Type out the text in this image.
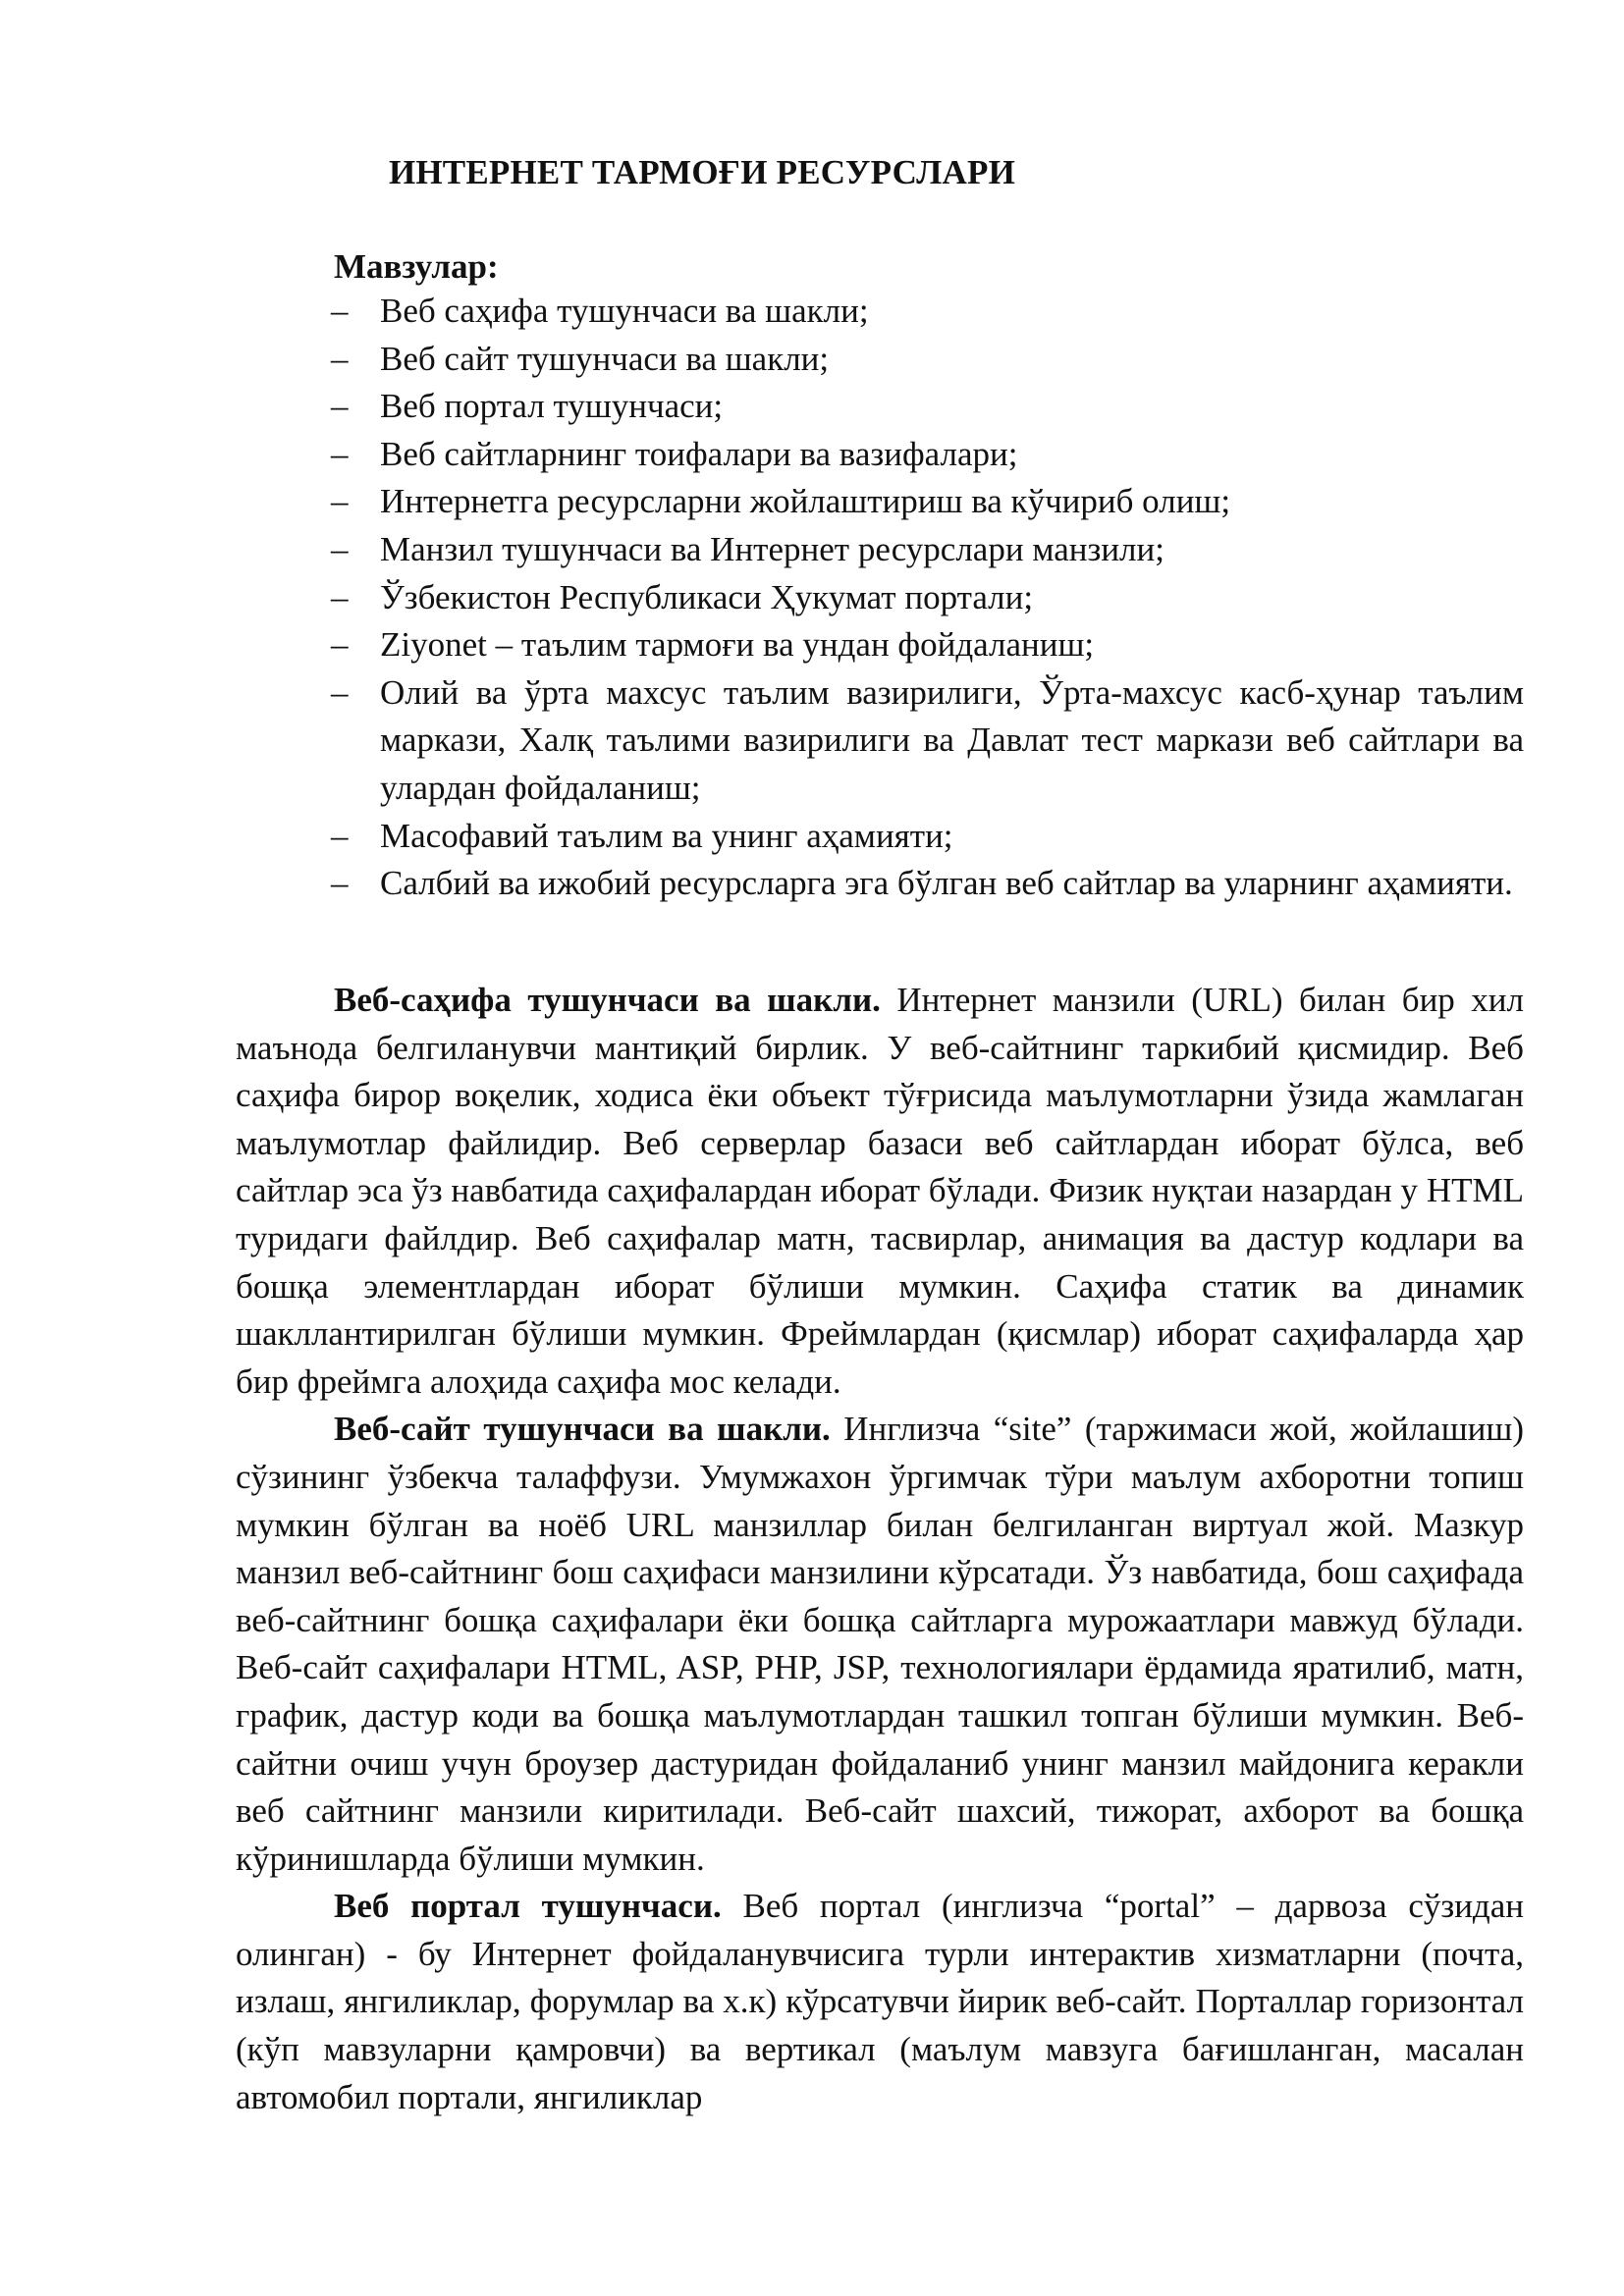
ИНТЕРНЕТ ТАРМОҒИ РЕСУРСЛАРИ
Мавзулар:
– Веб саҳифа тушунчаси ва шакли;
– Веб сайт тушунчаси ва шакли;
– Веб портал тушунчаси;
– Веб сайтларнинг тоифалари ва вазифалари;
– Интернетга ресурсларни жойлаштириш ва кўчириб олиш;
– Манзил тушунчаси ва Интернет ресурслари манзили;
– Ўзбекистон Республикаси Ҳукумат портали;
– Ziyonet – таълим тармоғи ва ундан фойдаланиш;
– Олий ва ўрта махсус таълим вазирилиги, Ўрта-махсус касб-ҳунар таълим маркази, Халқ таълими вазирилиги ва Давлат тест маркази веб сайтлари ва улардан фойдаланиш;
– Масофавий таълим ва унинг аҳамияти;
– Салбий ва ижобий ресурсларга эга бўлган веб сайтлар ва уларнинг аҳамияти.

Веб-саҳифа тушунчаси ва шакли. Интернет манзили (URL) билан бир хил маънода белгиланувчи мантиқий бирлик. У веб-сайтнинг таркибий қисмидир. Веб саҳифа бирор воқелик, ходиса ёки объект тўғрисида маълумотларни ўзида жамлаган маълумотлар файлидир. Веб серверлар базаси веб сайтлардан иборат бўлса, веб сайтлар эса ўз навбатида саҳифалардан иборат бўлади. Физик нуқтаи назардан у HTML туридаги файлдир. Веб саҳифалар матн, тасвирлар, анимация ва дастур кодлари ва бошқа элементлардан иборат бўлиши мумкин. Саҳифа статик ва динамик шакллантирилган бўлиши мумкин. Фреймлардан (қисмлар) иборат саҳифаларда ҳар бир фреймга алоҳида саҳифа мос келади.

Веб-сайт тушунчаси ва шакли. Инглизча “site” (таржимаси жой, жойлашиш) сўзининг ўзбекча талаффузи. Умумжахон ўргимчак тўри маълум ахборотни топиш мумкин бўлган ва ноёб URL манзиллар билан белгиланган виртуал жой. Мазкур манзил веб-сайтнинг бош саҳифаси манзилини кўрсатади. Ўз навбатида, бош саҳифада веб-сайтнинг бошқа саҳифалари ёки бошқа сайтларга мурожаатлари мавжуд бўлади. Веб-сайт саҳифалари HTML, ASP, PHP, JSP, технологиялари ёрдамида яратилиб, матн, график, дастур коди ва бошқа маълумотлардан ташкил топган бўлиши мумкин. Веб-сайтни очиш учун броузер дастуридан фойдаланиб унинг манзил майдонига кеpакли веб сайтнинг манзили киритилади. Веб-сайт шахсий, тижорат, ахборот ва бошқа кўринишларда бўлиши мумкин.

Веб портал тушунчаси. Веб портал (инглизча “portal” – дарвоза сўзидан олинган) - бу Интернет фойдаланувчисига турли интерактив хизматларни (почта, излаш, янгиликлар, форумлар ва х.к) кўрсатувчи йирик веб-сайт. Порталлар горизонтал (кўп мавзуларни қамровчи) ва вертикал (маълум мавзуга бағишланган, масалан автомобил портали, янгиликлар
